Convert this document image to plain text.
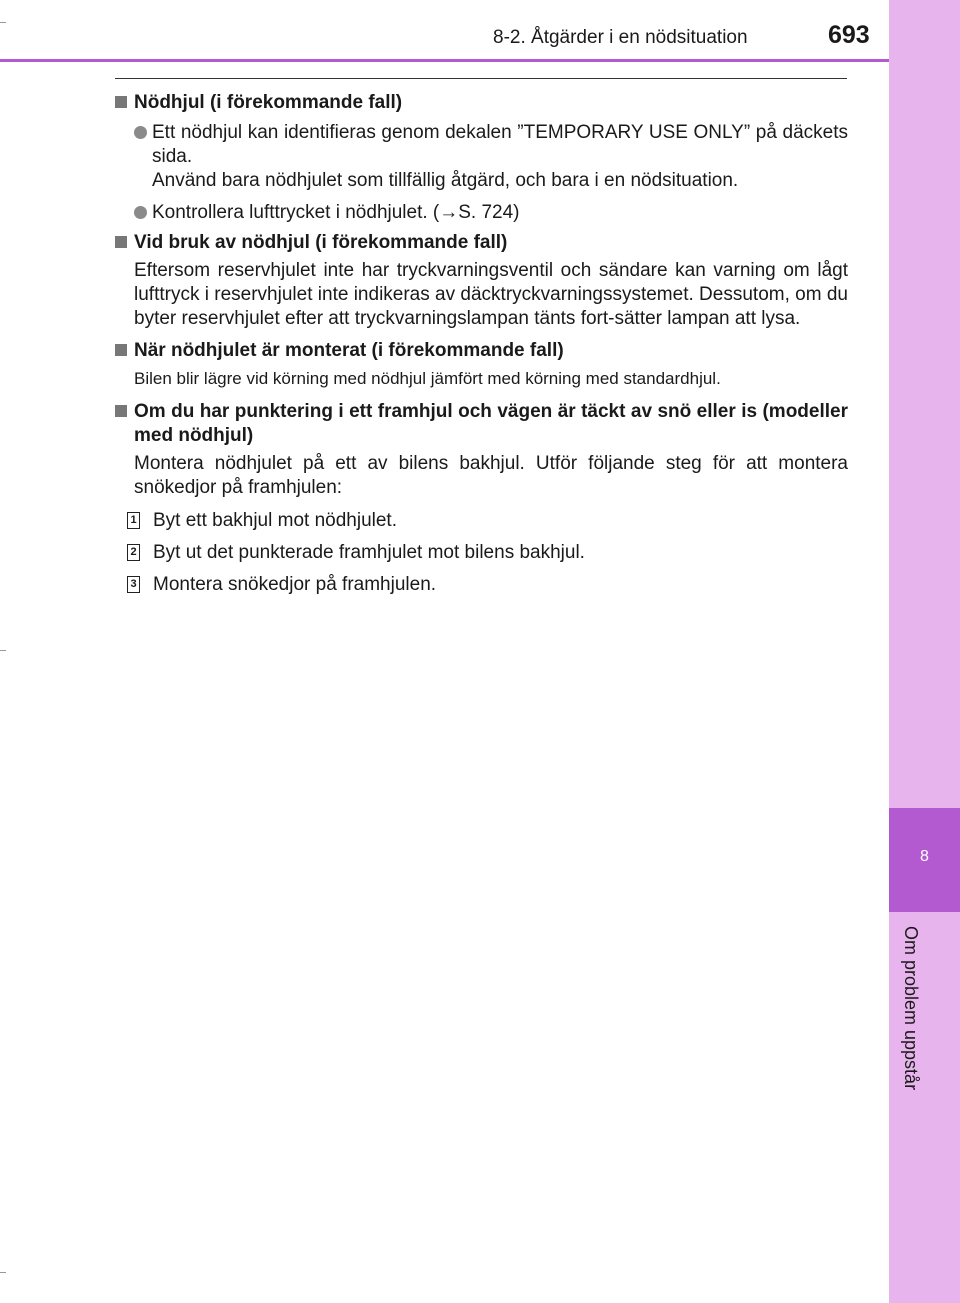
8
Om problem uppstår
8-2. Åtgärder i en nödsituation	693
Nödhjul (i förekommande fall)
Ett nödhjul kan identifieras genom dekalen ”TEMPORARY USE ONLY” på däckets sida.
Använd bara nödhjulet som tillfällig åtgärd, och bara i en nödsituation.
Kontrollera lufttrycket i nödhjulet. (→S. 724)
Vid bruk av nödhjul (i förekommande fall)
Eftersom reservhjulet inte har tryckvarningsventil och sändare kan varning om lågt lufttryck i reservhjulet inte indikeras av däcktryckvarningssystemet. Dessutom, om du byter reservhjulet efter att tryckvarningslampan tänts fort-sätter lampan att lysa.
När nödhjulet är monterat (i förekommande fall)
Bilen blir lägre vid körning med nödhjul jämfört med körning med standardhjul.
Om du har punktering i ett framhjul och vägen är täckt av snö eller is (modeller med nödhjul)
Montera nödhjulet på ett av bilens bakhjul. Utför följande steg för att montera snökedjor på framhjulen:
1 Byt ett bakhjul mot nödhjulet.
2 Byt ut det punkterade framhjulet mot bilens bakhjul.
3 Montera snökedjor på framhjulen.
